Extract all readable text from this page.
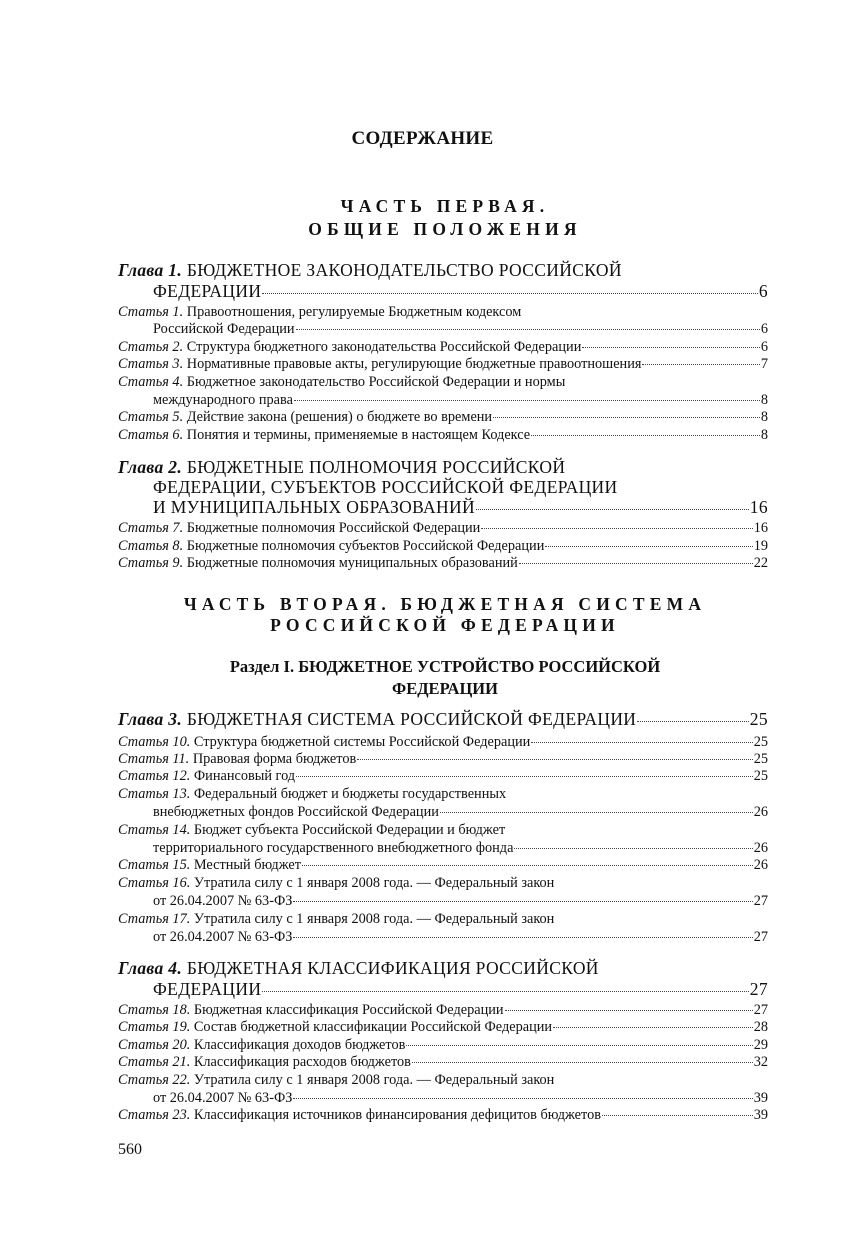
СОДЕРЖАНИЕ
ЧАСТЬ ПЕРВАЯ.
ОБЩИЕ ПОЛОЖЕНИЯ
Глава 1. БЮДЖЕТНОЕ ЗАКОНОДАТЕЛЬСТВО РОССИЙСКОЙ
ФЕДЕРАЦИИ	6
Статья 1. Правоотношения, регулируемые Бюджетным кодексом
Российской Федерации	6
Статья 2. Структура бюджетного законодательства Российской Федерации	6
Статья 3. Нормативные правовые акты, регулирующие бюджетные правоотношения	7
Статья 4. Бюджетное законодательство Российской Федерации и нормы
международного права	8
Статья 5. Действие закона (решения) о бюджете во времени	8
Статья 6. Понятия и термины, применяемые в настоящем Кодексе	8
Глава 2. БЮДЖЕТНЫЕ ПОЛНОМОЧИЯ РОССИЙСКОЙ
ФЕДЕРАЦИИ, СУБЪЕКТОВ РОССИЙСКОЙ ФЕДЕРАЦИИ
И МУНИЦИПАЛЬНЫХ ОБРАЗОВАНИЙ	16
Статья 7. Бюджетные полномочия Российской Федерации	16
Статья 8. Бюджетные полномочия субъектов Российской Федерации	19
Статья 9. Бюджетные полномочия муниципальных образований	22
ЧАСТЬ ВТОРАЯ. БЮДЖЕТНАЯ СИСТЕМА
РОССИЙСКОЙ ФЕДЕРАЦИИ
Раздел I. БЮДЖЕТНОЕ УСТРОЙСТВО РОССИЙСКОЙ
ФЕДЕРАЦИИ
Глава 3. БЮДЖЕТНАЯ СИСТЕМА РОССИЙСКОЙ ФЕДЕРАЦИИ	25
Статья 10. Структура бюджетной системы Российской Федерации	25
Статья 11. Правовая форма бюджетов	25
Статья 12. Финансовый год	25
Статья 13. Федеральный бюджет и бюджеты государственных
внебюджетных фондов Российской Федерации	26
Статья 14. Бюджет субъекта Российской Федерации и бюджет
территориального государственного внебюджетного фонда	26
Статья 15. Местный бюджет	26
Статья 16. Утратила силу с 1 января 2008 года. — Федеральный закон
от 26.04.2007 № 63-ФЗ	27
Статья 17. Утратила силу с 1 января 2008 года. — Федеральный закон
от 26.04.2007 № 63-ФЗ	27
Глава 4. БЮДЖЕТНАЯ КЛАССИФИКАЦИЯ РОССИЙСКОЙ
ФЕДЕРАЦИИ	27
Статья 18. Бюджетная классификация Российской Федерации	27
Статья 19. Состав бюджетной классификации Российской Федерации	28
Статья 20. Классификация доходов бюджетов	29
Статья 21. Классификация расходов бюджетов	32
Статья 22. Утратила силу с 1 января 2008 года. — Федеральный закон
от 26.04.2007 № 63-ФЗ	39
Статья 23. Классификация источников финансирования дефицитов бюджетов	39
560
